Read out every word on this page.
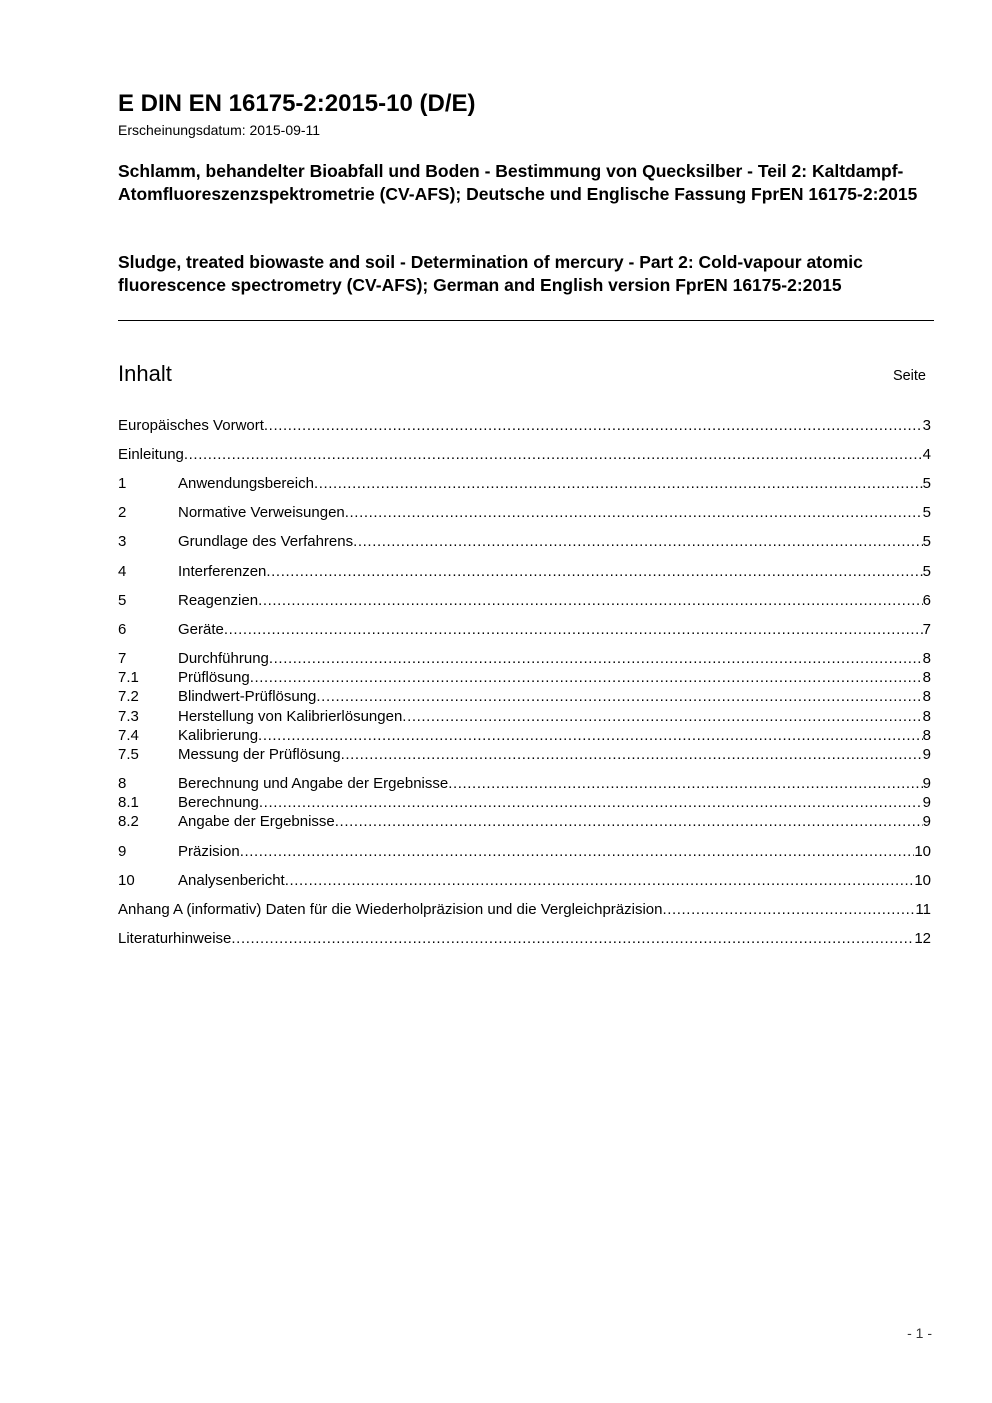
E DIN EN 16175-2:2015-10 (D/E)
Erscheinungsdatum: 2015-09-11
Schlamm, behandelter Bioabfall und Boden - Bestimmung von Quecksilber - Teil 2: Kaltdampf-Atomfluoreszenzspektrometrie (CV-AFS); Deutsche und Englische Fassung FprEN 16175-2:2015
Sludge, treated biowaste and soil - Determination of mercury - Part 2: Cold-vapour atomic fluorescence spectrometry (CV-AFS); German and English version FprEN 16175-2:2015
Inhalt	Seite
Europäisches Vorwort .....	3
Einleitung .....	4
1	Anwendungsbereich .....	5
2	Normative Verweisungen .....	5
3	Grundlage des Verfahrens .....	5
4	Interferenzen .....	5
5	Reagenzien .....	6
6	Geräte .....	7
7	Durchführung .....	8
7.1	Prüflösung .....	8
7.2	Blindwert-Prüflösung .....	8
7.3	Herstellung von Kalibrierlösungen .....	8
7.4	Kalibrierung .....	8
7.5	Messung der Prüflösung .....	9
8	Berechnung und Angabe der Ergebnisse .....	9
8.1	Berechnung .....	9
8.2	Angabe der Ergebnisse .....	9
9	Präzision .....	10
10	Analysenbericht .....	10
Anhang A (informativ) Daten für die Wiederholpräzision und die Vergleichpräzision .....	11
Literaturhinweise .....	12
- 1 -
